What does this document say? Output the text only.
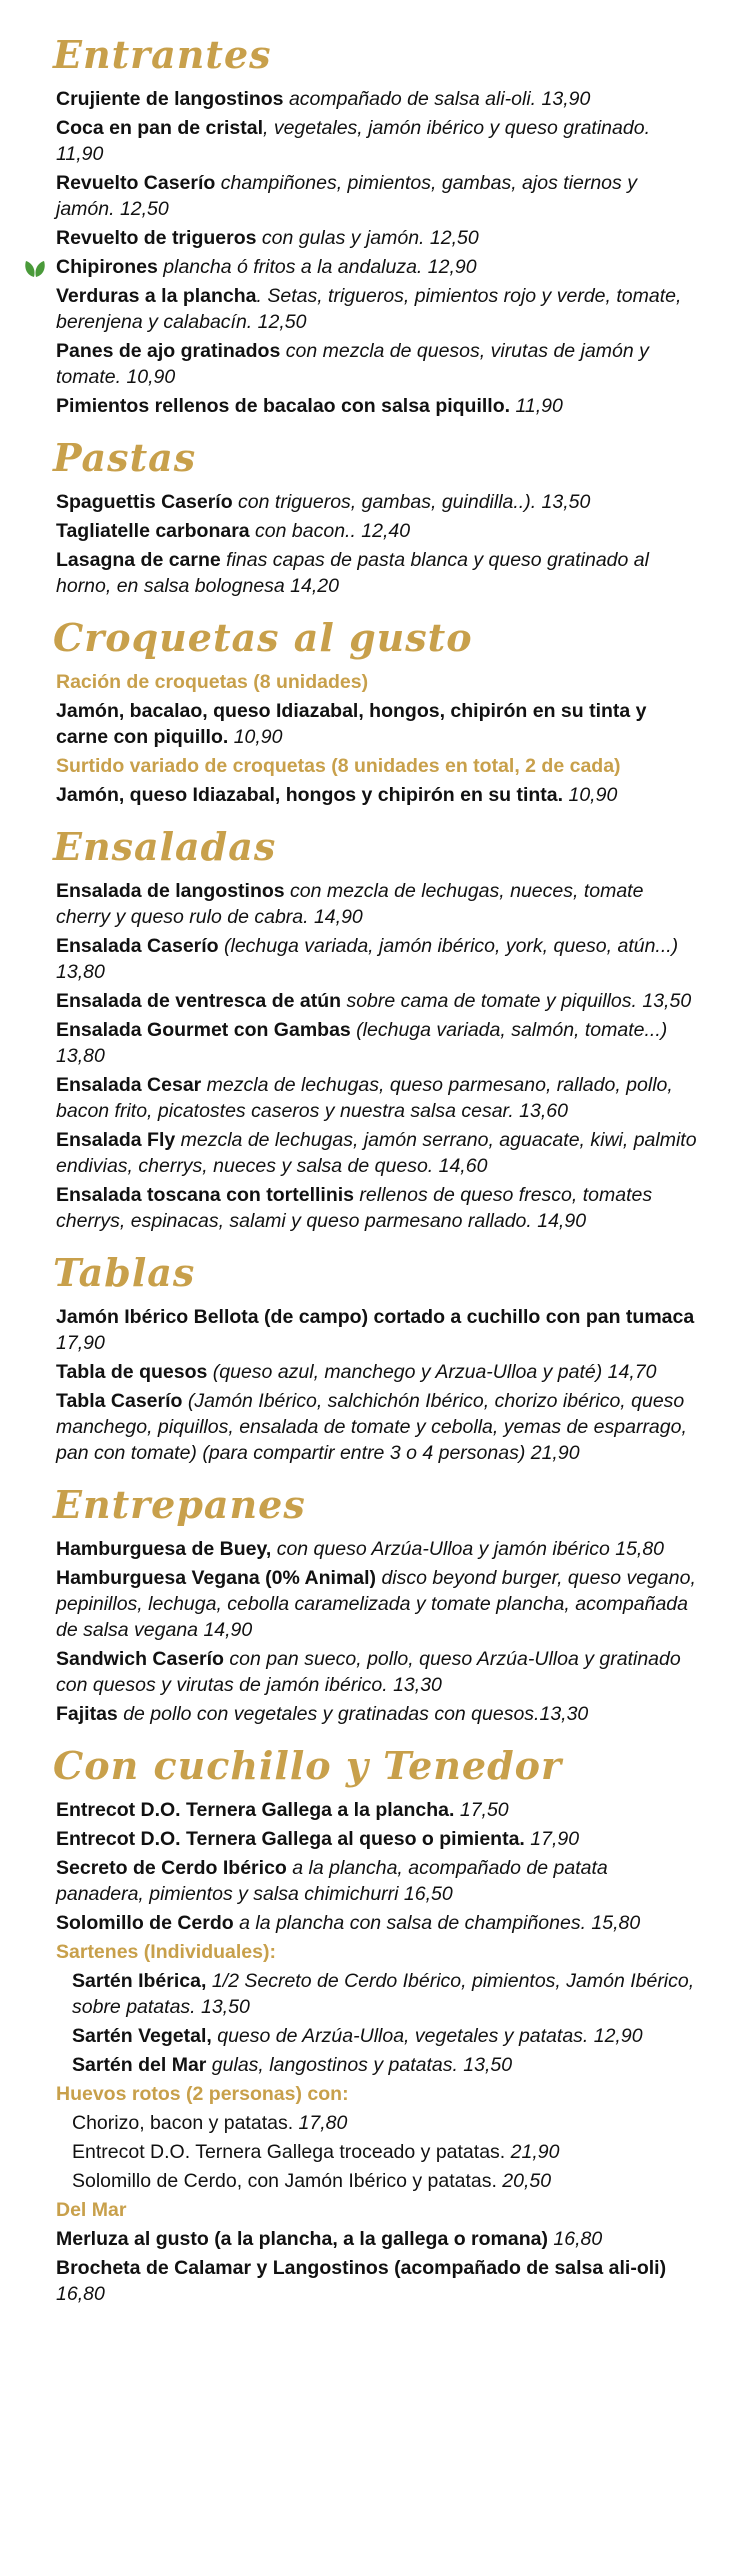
Entrantes
Crujiente de langostinos acompañado de salsa ali-oli. 13,90
Coca en pan de cristal, vegetales, jamón ibérico y queso gratinado. 11,90
Revuelto Caserío champiñones, pimientos, gambas, ajos tiernos y jamón. 12,50
Revuelto de trigueros con gulas y jamón. 12,50
Chipirones plancha ó fritos a la andaluza. 12,90
Verduras a la plancha. Setas, trigueros, pimientos rojo y verde, tomate, berenjena y calabacín. 12,50
Panes de ajo gratinados con mezcla de quesos, virutas de jamón y tomate. 10,90
Pimientos rellenos de bacalao con salsa piquillo. 11,90
Pastas
Spaguettis Caserío con trigueros, gambas, guindilla..). 13,50
Tagliatelle carbonara con bacon.. 12,40
Lasagna de carne finas capas de pasta blanca y queso gratinado al horno, en salsa bolognesa 14,20
Croquetas al gusto
Ración de croquetas (8 unidades)
Jamón, bacalao, queso Idiazabal, hongos, chipirón en su tinta y carne con piquillo. 10,90
Surtido variado de croquetas (8 unidades en total, 2 de cada)
Jamón, queso Idiazabal, hongos y chipirón en su tinta. 10,90
Ensaladas
Ensalada de langostinos con mezcla de lechugas, nueces, tomate cherry y queso rulo de cabra. 14,90
Ensalada Caserío (lechuga variada, jamón ibérico, york, queso, atún...) 13,80
Ensalada de ventresca de atún sobre cama de tomate y piquillos. 13,50
Ensalada Gourmet con Gambas (lechuga variada, salmón, tomate...) 13,80
Ensalada Cesar mezcla de lechugas, queso parmesano, rallado, pollo, bacon frito, picatostes caseros y nuestra salsa cesar. 13,60
Ensalada Fly mezcla de lechugas, jamón serrano, aguacate, kiwi, palmito endivias, cherrys, nueces y salsa de queso. 14,60
Ensalada toscana con tortellinis rellenos de queso fresco, tomates cherrys, espinacas, salami y queso parmesano rallado. 14,90
Tablas
Jamón Ibérico Bellota (de campo) cortado a cuchillo con pan tumaca 17,90
Tabla de quesos (queso azul, manchego y Arzua-Ulloa y paté) 14,70
Tabla Caserío (Jamón Ibérico, salchichón Ibérico, chorizo ibérico, queso manchego, piquillos, ensalada de tomate y cebolla, yemas de esparrago, pan con tomate) (para compartir entre 3 o 4 personas) 21,90
Entrepanes
Hamburguesa de Buey, con queso Arzúa-Ulloa y jamón ibérico 15,80
Hamburguesa Vegana (0% Animal) disco beyond burger, queso vegano, pepinillos, lechuga, cebolla caramelizada y tomate plancha, acompañada de salsa vegana 14,90
Sandwich Caserío con pan sueco, pollo, queso Arzúa-Ulloa y gratinado con quesos y virutas de jamón ibérico. 13,30
Fajitas de pollo con vegetales y gratinadas con quesos.13,30
Con cuchillo y Tenedor
Entrecot D.O. Ternera Gallega a la plancha. 17,50
Entrecot D.O. Ternera Gallega al queso o pimienta. 17,90
Secreto de Cerdo Ibérico a la plancha, acompañado de patata panadera, pimientos y salsa chimichurri 16,50
Solomillo de Cerdo a la plancha con salsa de champiñones. 15,80
Sartenes (Individuales):
Sartén Ibérica, 1/2 Secreto de Cerdo Ibérico, pimientos, Jamón Ibérico, sobre patatas. 13,50
Sartén Vegetal, queso de Arzúa-Ulloa, vegetales y patatas. 12,90
Sartén del Mar gulas, langostinos y patatas. 13,50
Huevos rotos (2 personas) con:
Chorizo, bacon y patatas. 17,80
Entrecot D.O. Ternera Gallega troceado y patatas. 21,90
Solomillo de Cerdo, con Jamón Ibérico y patatas. 20,50
Del Mar
Merluza al gusto (a la plancha, a la gallega o romana) 16,80
Brocheta de Calamar y Langostinos (acompañado de salsa ali-oli) 16,80
